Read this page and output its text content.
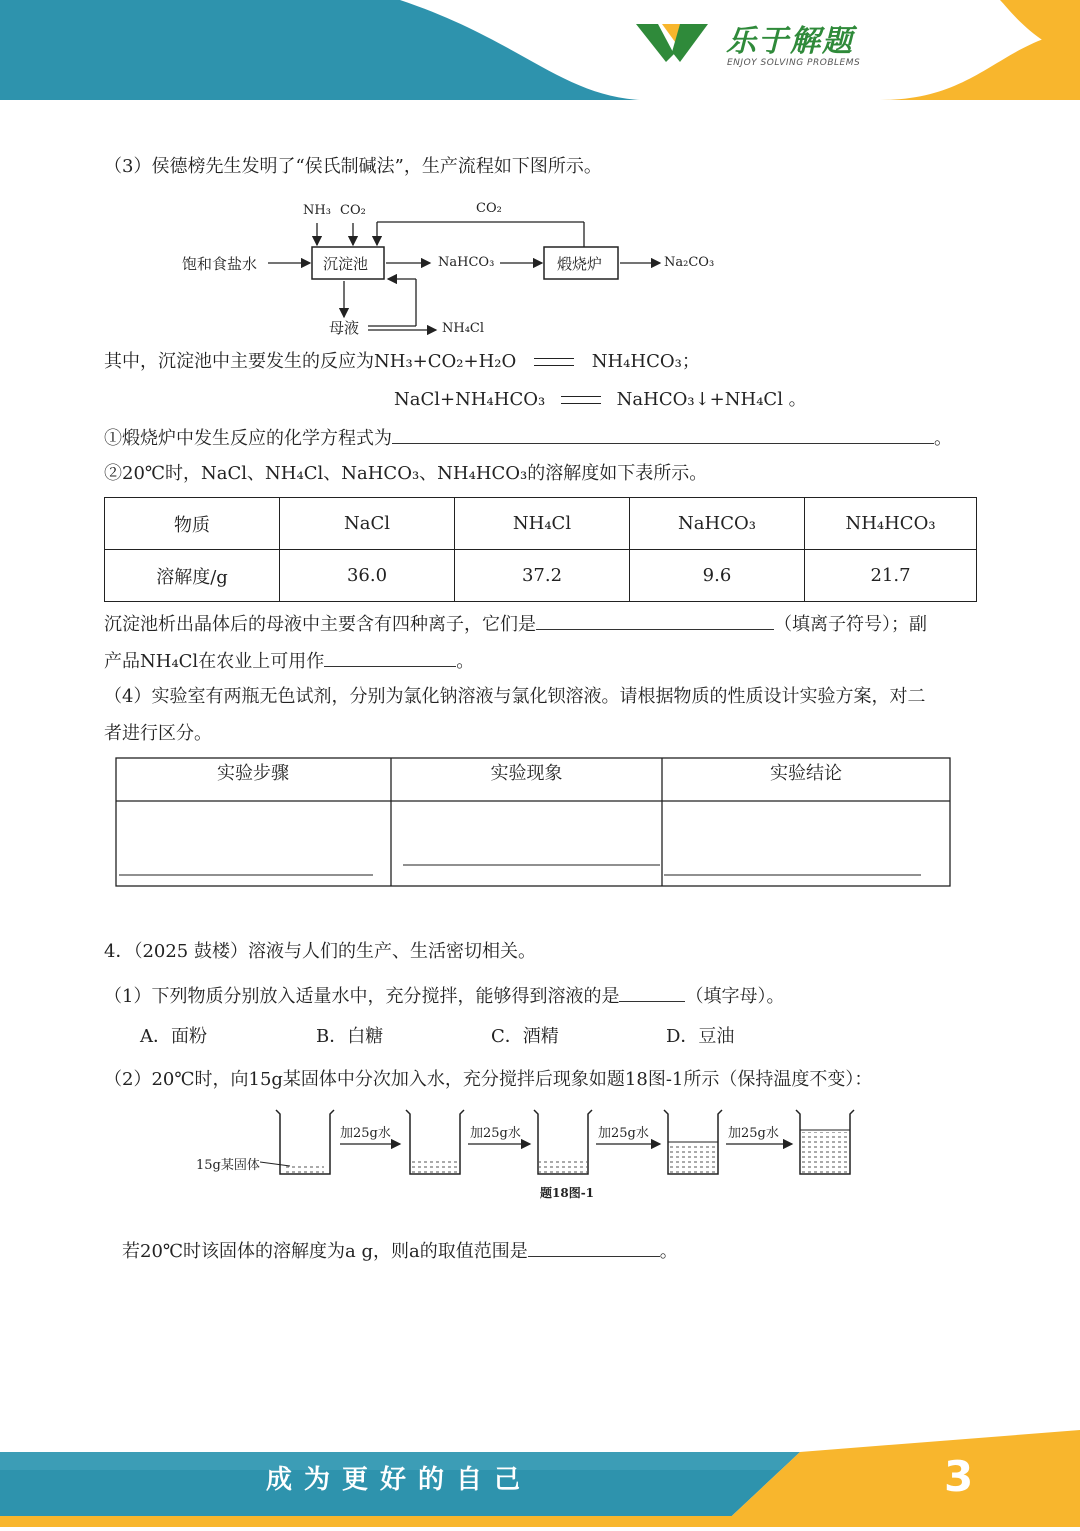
乐于解题
ENJOY SOLVING PROBLEMS
（3）侯德榜先生发明了“侯氏制碱法”，生产流程如下图所示。
饱和食盐水
NH₃ CO₂	CO₂
沉淀池	NaHCO₃	煅烧炉	Na₂CO₃
母液	NH₄Cl
其中，沉淀池中主要发生的反应为NH₃+CO₂+H₂O	NH₄HCO₃；
NaCl+NH₄HCO₃	NaHCO₃↓+NH₄Cl 。
①煅烧炉中发生反应的化学方程式为	。
②20℃时，NaCl、NH₄Cl、NaHCO₃、NH₄HCO₃的溶解度如下表所示。
物质	NaCl	NH₄Cl	NaHCO₃	NH₄HCO₃
溶解度/g	36.0	37.2	9.6	21.7
沉淀池析出晶体后的母液中主要含有四种离子，它们是	（填离子符号）；副
产品NH₄Cl在农业上可用作	。
（4）实验室有两瓶无色试剂，分别为氯化钠溶液与氯化钡溶液。请根据物质的性质设计实验方案，对二
者进行区分。
实验步骤	实验现象	实验结论
4．（2025 鼓楼）溶液与人们的生产、生活密切相关。
（1）下列物质分别放入适量水中，充分搅拌，能够得到溶液的是	（填字母）。
A．面粉	B．白糖	C．酒精	D．豆油
（2）20℃时，向15g某固体中分次加入水，充分搅拌后现象如题18图-1所示（保持温度不变）：
15g某固体
加25g水	加25g水	加25g水	加25g水
题18图-1
若20℃时该固体的溶解度为a g，则a的取值范围是	。
成为更好的自己	3
